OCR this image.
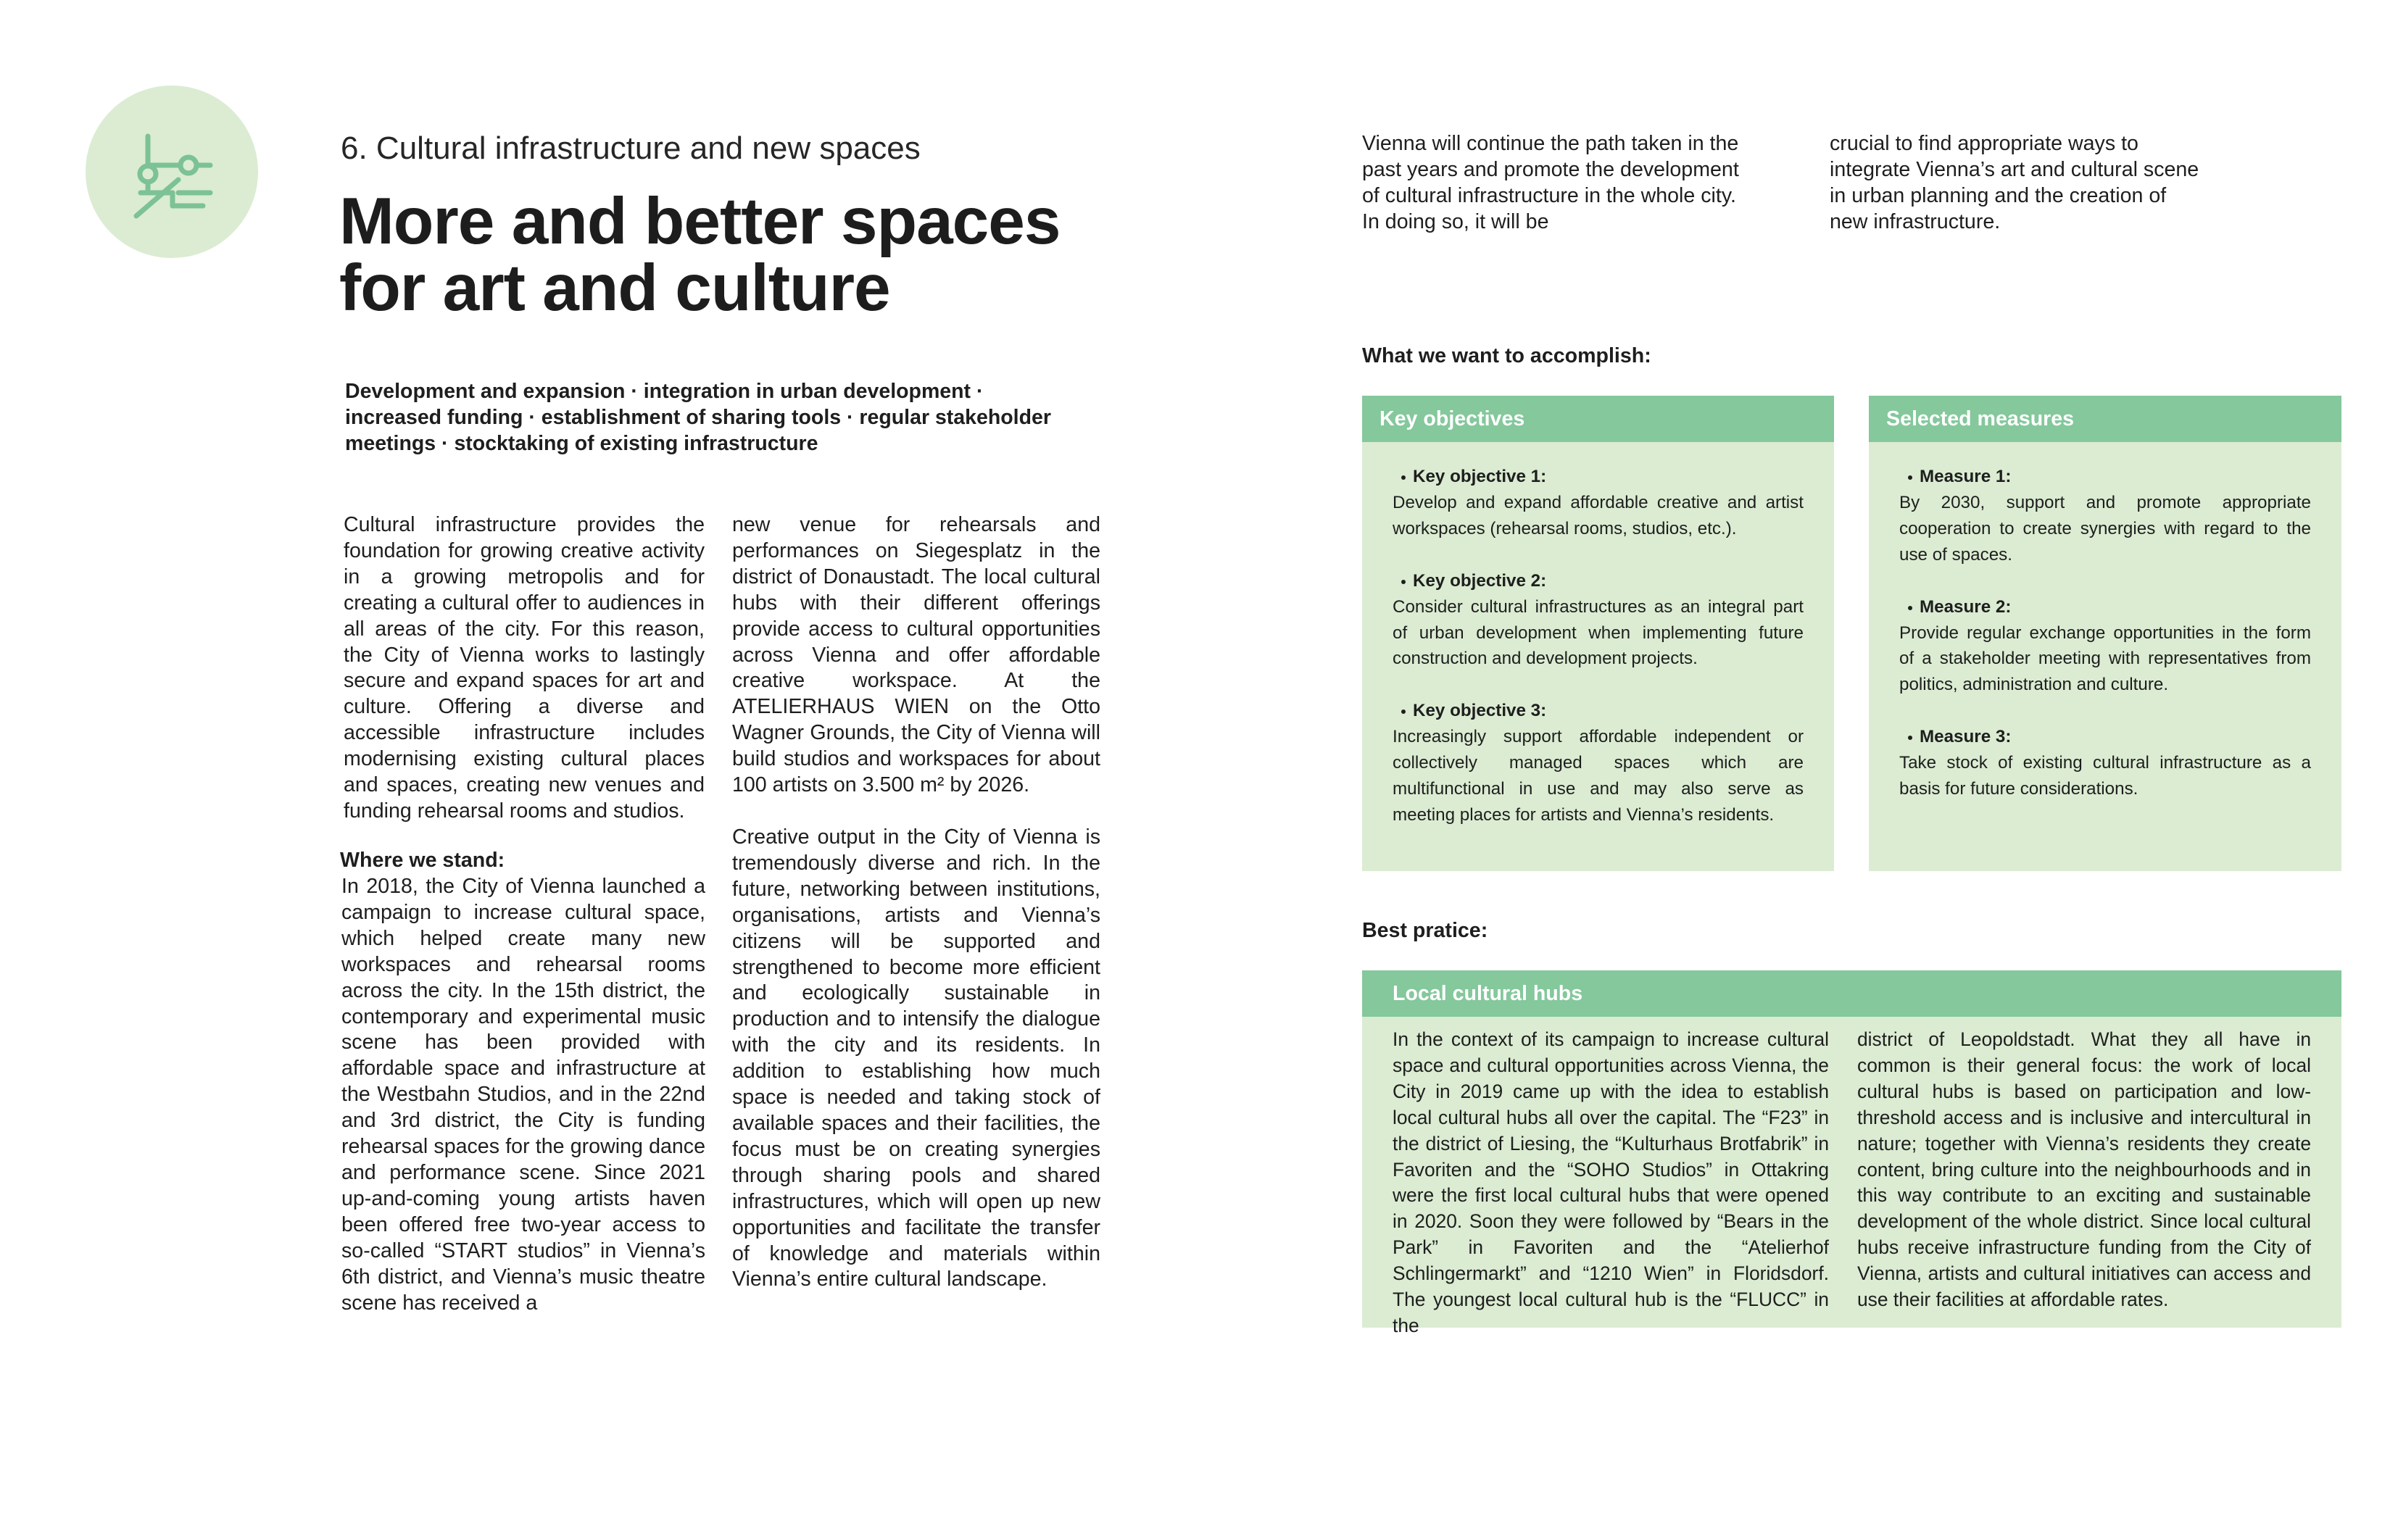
6. Cultural infrastructure and new spaces
More and better spaces
for art and culture

Development and expansion · integration in urban development · increased funding · establishment of sharing tools · regular stakeholder meetings · stocktaking of existing infrastructure

Cultural infrastructure provides the foundation for growing creative activity in a growing metropolis and for creating a cultural offer to audiences in all areas of the city. For this reason, the City of Vienna works to lastingly secure and expand spaces for art and culture. Offering a diverse and accessible infrastructure includes modernising existing cultural places and spaces, creating new venues and funding rehearsal rooms and studios.

Where we stand:

In 2018, the City of Vienna launched a campaign to increase cultural space, which helped create many new workspaces and rehearsal rooms across the city. In the 15th district, the contemporary and experimental music scene has been provided with affordable space and infrastructure at the Westbahn Studios, and in the 22nd and 3rd district, the City is funding rehearsal spaces for the growing dance and performance scene. Since 2021 up-and-coming young artists haven been offered free two-year access to so-called “START studios” in Vienna’s 6th district, and Vienna’s music theatre scene has received a

new venue for rehearsals and performances on Siegesplatz in the district of Donaustadt. The local cultural hubs with their different offerings provide access to cultural opportunities across Vienna and offer affordable creative workspace. At the ATELIERHAUS WIEN on the Otto Wagner Grounds, the City of Vienna will build studios and workspaces for about 100 artists on 3.500 m² by 2026.

Creative output in the City of Vienna is tremendously diverse and rich. In the future, networking between institutions, organisations, artists and Vienna’s citizens will be supported and strengthened to become more efficient and ecologically sustainable in production and to intensify the dialogue with the city and its residents. In addition to establishing how much space is needed and taking stock of available spaces and their facilities, the focus must be on creating synergies through sharing pools and shared infrastructures, which will open up new opportunities and facilitate the transfer of knowledge and materials within Vienna’s entire cultural landscape.

Vienna will continue the path taken in the past years and promote the development of cultural infrastructure in the whole city. In doing so, it will be

crucial to find appropriate ways to integrate Vienna’s art and cultural scene in urban planning and the creation of new infrastructure.

What we want to accomplish:

Key objectives
Key objective 1:

Develop and expand affordable creative and artist workspaces (rehearsal rooms, studios, etc.).

Key objective 2:

Consider cultural infrastructures as an integral part of urban development when implementing future construction and development projects.

Key objective 3:

Increasingly support affordable independent or collectively managed spaces which are multifunctional in use and may also serve as meeting places for artists and Vienna’s residents.

Selected measures
Measure 1:

By 2030, support and promote appropriate cooperation to create synergies with regard to the use of spaces.

Measure 2:

Provide regular exchange opportunities in the form of a stakeholder meeting with representatives from politics, administration and culture.

Measure 3:

Take stock of existing cultural infrastructure as a basis for future considerations.

Best pratice:

Local cultural hubs

In the context of its campaign to increase cultural space and cultural opportunities across Vienna, the City in 2019 came up with the idea to establish local cultural hubs all over the capital. The “F23” in the district of Liesing, the “Kulturhaus Brotfabrik” in Favoriten and the “SOHO Studios” in Ottakring were the first local cultural hubs that were opened in 2020. Soon they were followed by “Bears in the Park” in Favoriten and the “Atelierhof Schlingermarkt” and “1210 Wien” in Floridsdorf. The youngest local cultural hub is the “FLUCC” in the

district of Leopoldstadt. What they all have in common is their general focus: the work of local cultural hubs is based on participation and low-threshold access and is inclusive and intercultural in nature; together with Vienna’s residents they create content, bring culture into the neighbourhoods and in this way contribute to an exciting and sustainable development of the whole district. Since local cultural hubs receive infrastructure funding from the City of Vienna, artists and cultural initiatives can access and use their facilities at affordable rates.
